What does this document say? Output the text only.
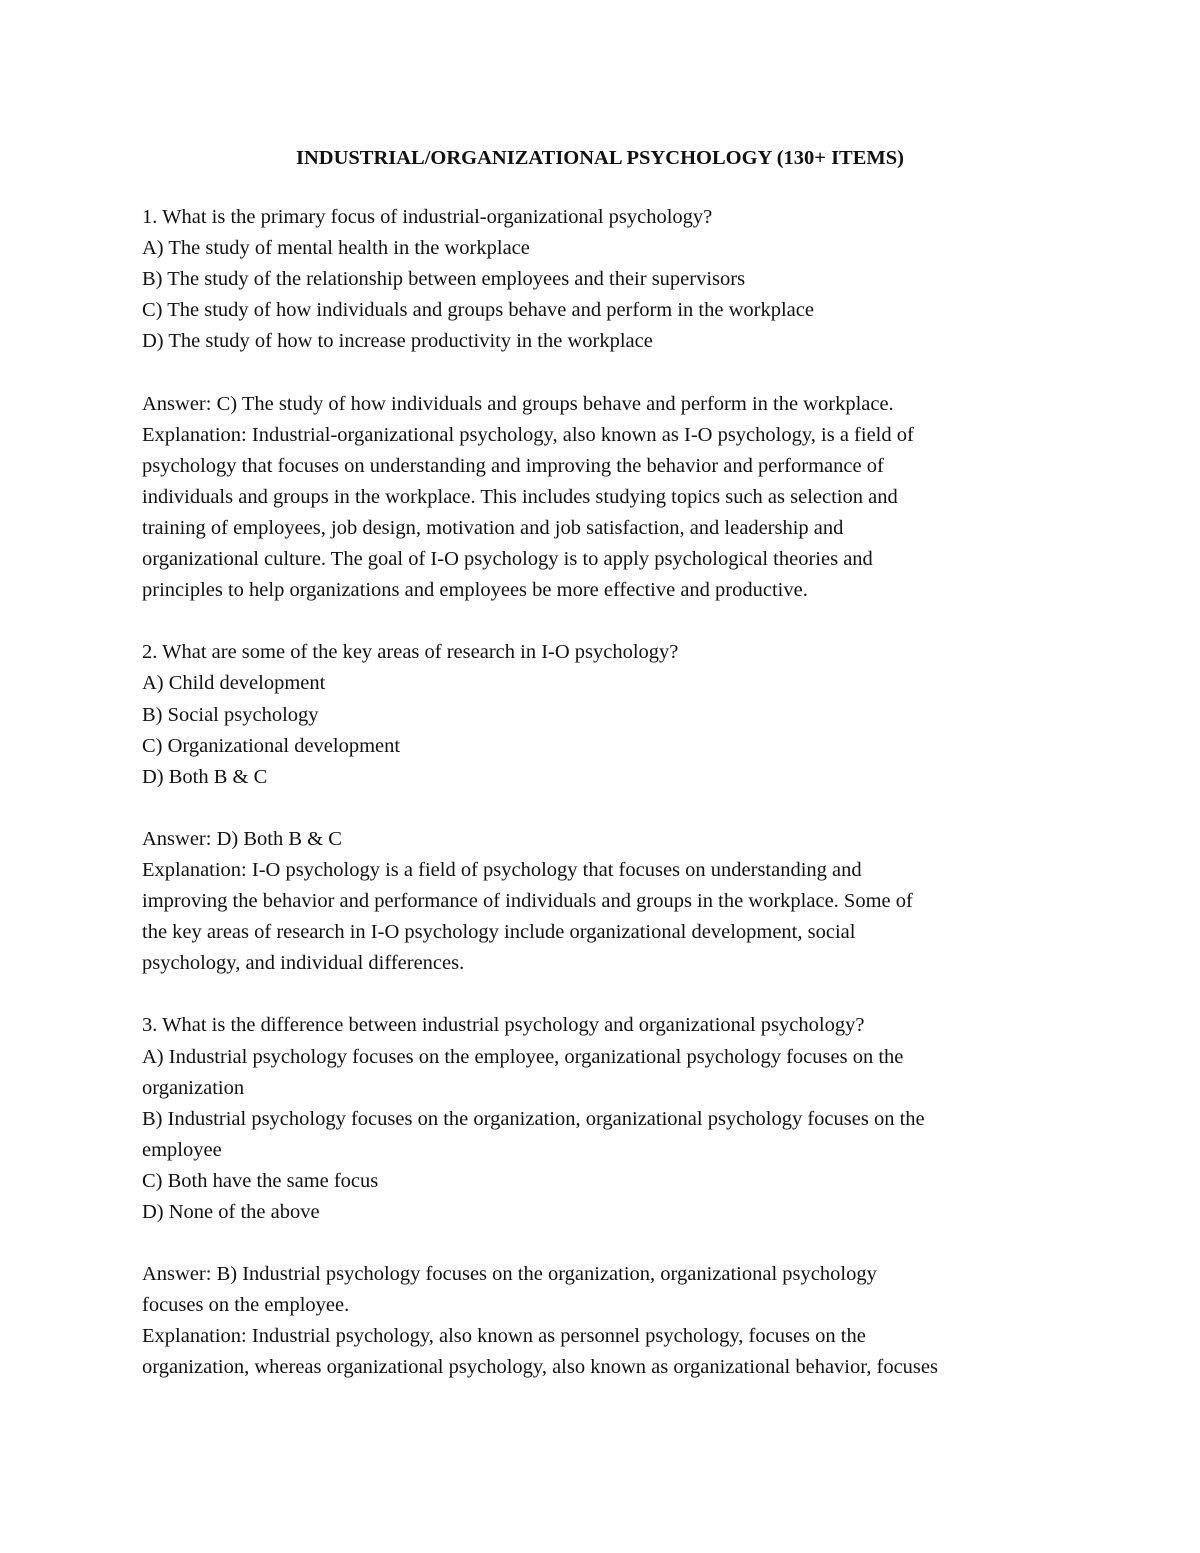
INDUSTRIAL/ORGANIZATIONAL PSYCHOLOGY (130+ ITEMS)
1. What is the primary focus of industrial-organizational psychology?
A) The study of mental health in the workplace
B) The study of the relationship between employees and their supervisors
C) The study of how individuals and groups behave and perform in the workplace
D) The study of how to increase productivity in the workplace
Answer: C) The study of how individuals and groups behave and perform in the workplace.
Explanation: Industrial-organizational psychology, also known as I-O psychology, is a field of
psychology that focuses on understanding and improving the behavior and performance of
individuals and groups in the workplace. This includes studying topics such as selection and
training of employees, job design, motivation and job satisfaction, and leadership and
organizational culture. The goal of I-O psychology is to apply psychological theories and
principles to help organizations and employees be more effective and productive.
2. What are some of the key areas of research in I-O psychology?
A) Child development
B) Social psychology
C) Organizational development
D) Both B & C
Answer: D) Both B & C
Explanation: I-O psychology is a field of psychology that focuses on understanding and
improving the behavior and performance of individuals and groups in the workplace. Some of
the key areas of research in I-O psychology include organizational development, social
psychology, and individual differences.
3. What is the difference between industrial psychology and organizational psychology?
A) Industrial psychology focuses on the employee, organizational psychology focuses on the
organization
B) Industrial psychology focuses on the organization, organizational psychology focuses on the
employee
C) Both have the same focus
D) None of the above
Answer: B) Industrial psychology focuses on the organization, organizational psychology
focuses on the employee.
Explanation: Industrial psychology, also known as personnel psychology, focuses on the
organization, whereas organizational psychology, also known as organizational behavior, focuses
